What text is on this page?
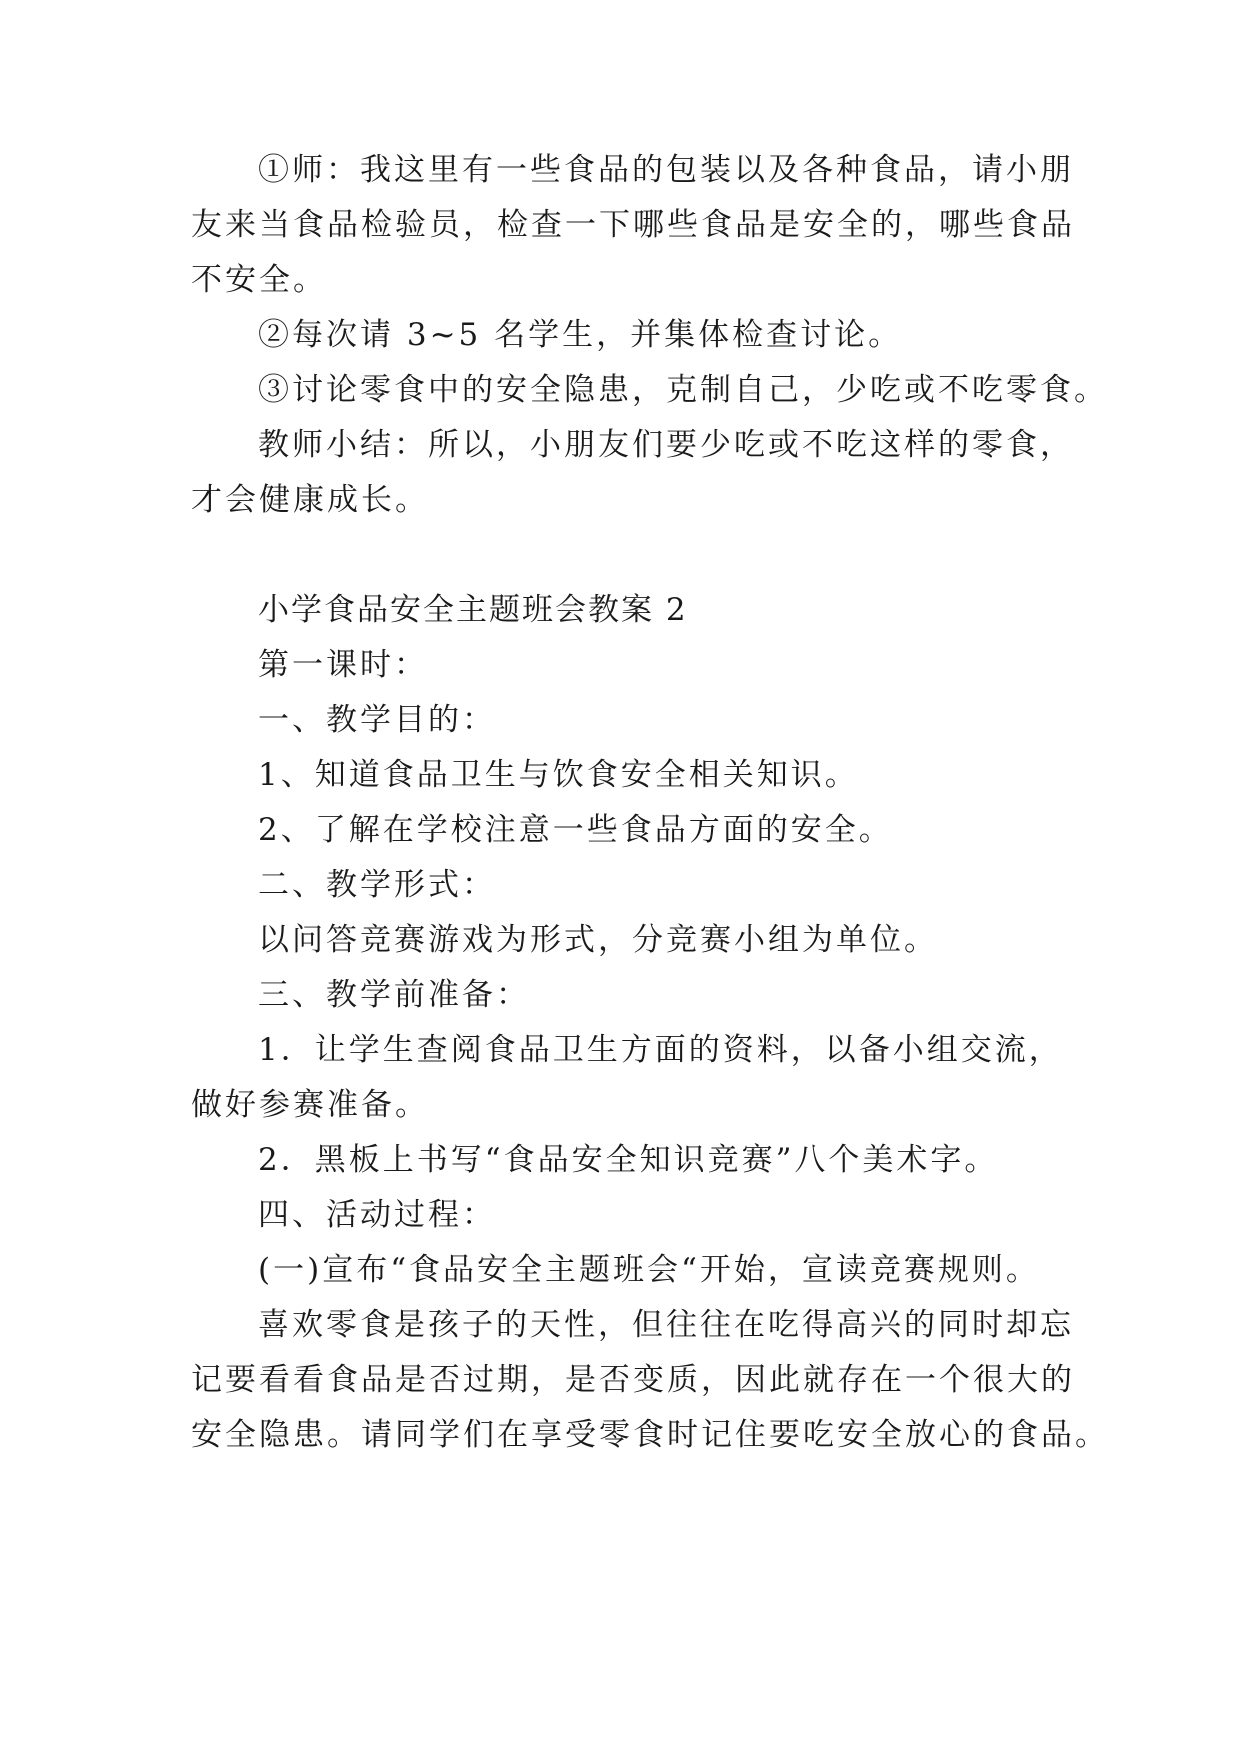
①师：我这里有一些食品的包装以及各种食品，请小朋
友来当食品检验员，检查一下哪些食品是安全的，哪些食品
不安全。
②每次请 3~5 名学生，并集体检查讨论。
③讨论零食中的安全隐患，克制自己，少吃或不吃零食。
教师小结：所以，小朋友们要少吃或不吃这样的零食，
才会健康成长。
小学食品安全主题班会教案 2
第一课时：
一、教学目的：
1、知道食品卫生与饮食安全相关知识。
2、了解在学校注意一些食品方面的安全。
二、教学形式：
以问答竞赛游戏为形式，分竞赛小组为单位。
三、教学前准备：
1．让学生查阅食品卫生方面的资料，以备小组交流，
做好参赛准备。
2．黑板上书写“食品安全知识竞赛”八个美术字。
四、活动过程：
(一)宣布“食品安全主题班会“开始，宣读竞赛规则。
喜欢零食是孩子的天性，但往往在吃得高兴的同时却忘
记要看看食品是否过期，是否变质，因此就存在一个很大的
安全隐患。请同学们在享受零食时记住要吃安全放心的食品。
